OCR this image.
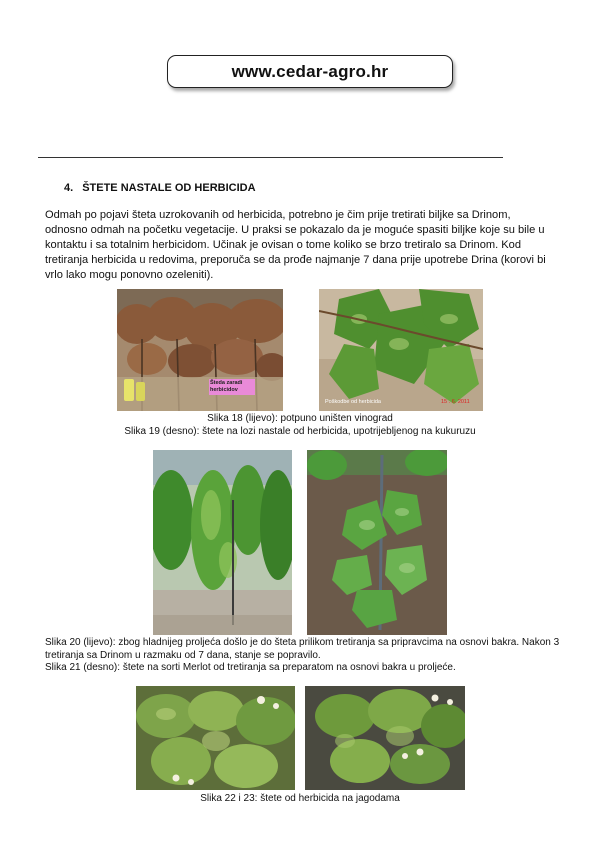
www.cedar-agro.hr
4. ŠTETE NASTALE OD HERBICIDA

Odmah po pojavi šteta uzrokovanih od herbicida, potrebno je čim prije tretirati biljke sa Drinom, odnosno odmah na početku vegetacije. U praksi se pokazalo da je moguće spasiti biljke koje su bile u kontaktu i sa totalnim herbicidom. Učinak je ovisan o tome koliko se brzo tretiralo sa Drinom. Kod tretiranja herbicida u redovima, preporuča se da prođe najmanje 7 dana prije upotrebe Drina (korovi bi vrlo lako mogu ponovno ozeleniti).

Šteda zaradi herbicidov
Poškodbe od herbicida	15 . 6. 2011

Slika 18 (lijevo): potpuno uništen vinograd

Slika 19 (desno): štete na lozi nastale od herbicida, upotrijebljenog na kukuruzu

Slika 20 (lijevo): zbog hladnijeg proljeća došlo je do šteta prilikom tretiranja sa pripravcima na osnovi bakra. Nakon 3 tretiranja sa Drinom u razmaku od 7 dana, stanje se popravilo.

Slika 21 (desno): štete na sorti Merlot od tretiranja sa preparatom na osnovi bakra u proljeće.

Slika 22 i 23: štete od herbicida na jagodama
